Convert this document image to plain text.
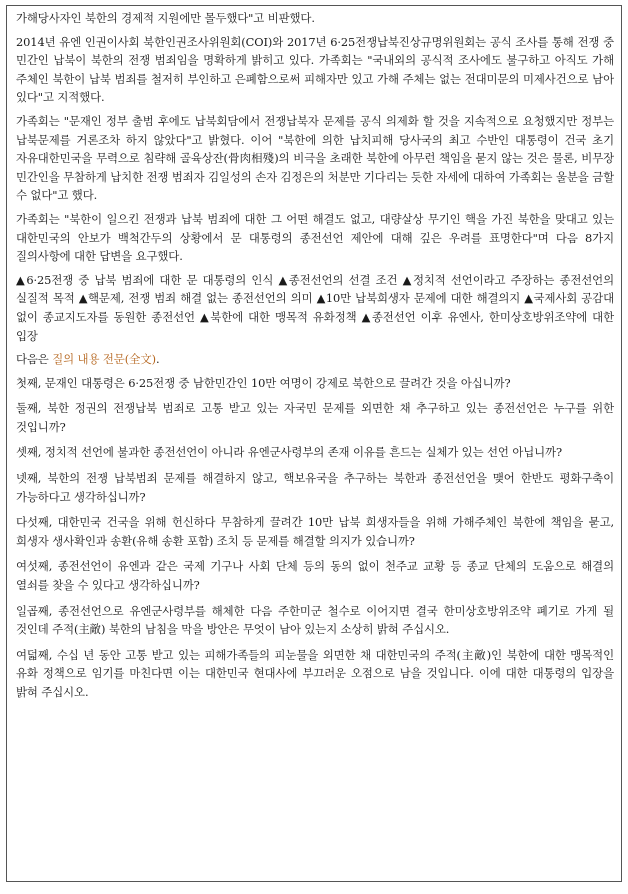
가해당사자인 북한의 경제적 지원에만 몰두했다"고 비판했다.

2014년 유엔 인권이사회 북한인권조사위원회(COI)와 2017년 6·25전쟁납북진상규명위원회는 공식 조사를 통해 전쟁 중 민간인 납북이 북한의 전쟁 범죄임을 명확하게 밝히고 있다. 가족회는 "국내외의 공식적 조사에도 불구하고 아직도 가해 주체인 북한이 납북 범죄를 철저히 부인하고 은폐함으로써 피해자만 있고 가해 주체는 없는 전대미문의 미제사건으로 남아 있다"고 지적했다.

가족회는 "문재인 정부 출범 후에도 납북회담에서 전쟁납북자 문제를 공식 의제화 할 것을 지속적으로 요청했지만 정부는 납북문제를 거론조차 하지 않았다"고 밝혔다. 이어 "북한에 의한 납치피해 당사국의 최고 수반인 대통령이 건국 초기 자유대한민국을 무력으로 침략해 골육상잔(骨肉相殘)의 비극을 초래한 북한에 아무런 책임을 묻지 않는 것은 물론, 비무장 민간인을 무참하게 납치한 전쟁 범죄자 김일성의 손자 김정은의 처분만 기다리는 듯한 자세에 대하여 가족회는 울분을 금할 수 없다"고 했다.

가족회는 "북한이 일으킨 전쟁과 납북 범죄에 대한 그 어떤 해결도 없고, 대량살상 무기인 핵을 가진 북한을 맞대고 있는 대한민국의 안보가 백척간두의 상황에서 문 대통령의 종전선언 제안에 대해 깊은 우려를 표명한다"며 다음 8가지 질의사항에 대한 답변을 요구했다.

▲6·25전쟁 중 납북 범죄에 대한 문 대통령의 인식 ▲종전선언의 선결 조건 ▲정치적 선언이라고 주장하는 종전선언의 실질적 목적 ▲핵문제, 전쟁 범죄 해결 없는 종전선언의 의미 ▲10만 납북희생자 문제에 대한 해결의지 ▲국제사회 공감대 없이 종교지도자를 동원한 종전선언 ▲북한에 대한 맹목적 유화정책 ▲종전선언 이후 유엔사, 한미상호방위조약에 대한 입장

다음은 질의 내용 전문(全文).

첫째, 문재인 대통령은 6·25전쟁 중 남한민간인 10만 여명이 강제로 북한으로 끌려간 것을 아십니까?

둘째, 북한 정권의 전쟁납북 범죄로 고통 받고 있는 자국민 문제를 외면한 채 추구하고 있는 종전선언은 누구를 위한 것입니까?

셋째, 정치적 선언에 불과한 종전선언이 아니라 유엔군사령부의 존재 이유를 흔드는 실체가 있는 선언 아닙니까?

넷째, 북한의 전쟁 납북범죄 문제를 해결하지 않고, 핵보유국을 추구하는 북한과 종전선언을 맺어 한반도 평화구축이 가능하다고 생각하십니까?

다섯째, 대한민국 건국을 위해 헌신하다 무참하게 끌려간 10만 납북 희생자들을 위해 가해주체인 북한에 책임을 묻고, 희생자 생사확인과 송환(유해 송환 포함) 조치 등 문제를 해결할 의지가 있습니까?

여섯째, 종전선언이 유엔과 같은 국제 기구나 사회 단체 등의 동의 없이 천주교 교황 등 종교 단체의 도움으로 해결의 열쇠를 찾을 수 있다고 생각하십니까?

일곱째, 종전선언으로 유엔군사령부를 해체한 다음 주한미군 철수로 이어지면 결국 한미상호방위조약 폐기로 가게 될 것인데 주적(主敵) 북한의 남침을 막을 방안은 무엇이 남아 있는지 소상히 밝혀 주십시오.

여덟째, 수십 년 동안 고통 받고 있는 피해가족들의 피눈물을 외면한 채 대한민국의 주적(主敵)인 북한에 대한 맹목적인 유화 정책으로 임기를 마친다면 이는 대한민국 현대사에 부끄러운 오점으로 남을 것입니다. 이에 대한 대통령의 입장을 밝혀 주십시오.
